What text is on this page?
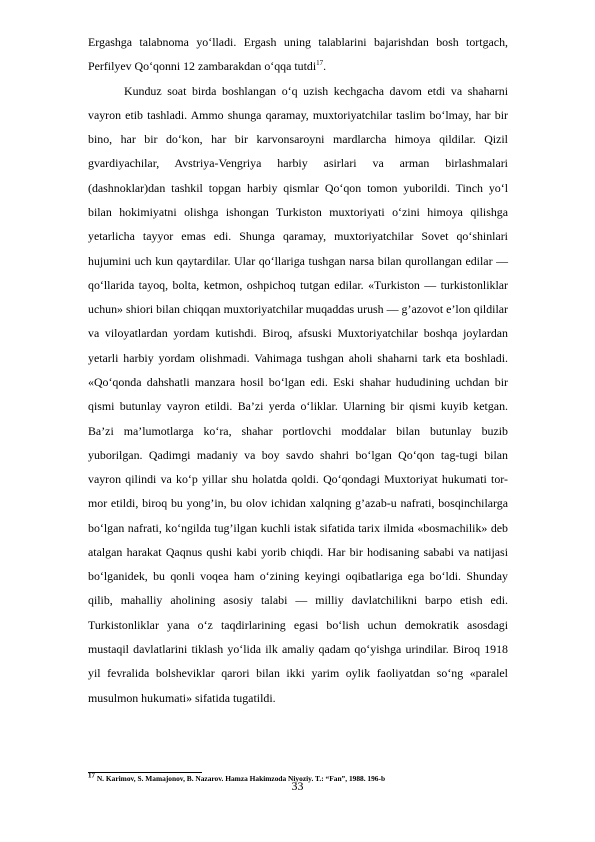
Ergashga talabnoma yo‘lladi. Ergash uning talablarini bajarishdan bosh tortgach, Perfilyev Qo‘qonni 12 zambarakdan o‘qqa tutdi$^{17}$.

Kunduz soat birda boshlangan o‘q uzish kechgacha davom etdi va shaharni vayron etib tashladi. Ammo shunga qaramay, muxtoriyatchilar taslim bo‘lmay, har bir bino, har bir do‘kon, har bir karvonsaroyni mardlarcha himoya qildilar. Qizil gvardiyachilar, Avstriya-Vengriya harbiy asirlari va arman birlashmalari (dashnoklar)dan tashkil topgan harbiy qismlar Qo‘qon tomon yuborildi. Tinch yo‘l bilan hokimiyatni olishga ishongan Turkiston muxtoriyati o‘zini himoya qilishga yetarlicha tayyor emas edi. Shunga qaramay, muxtoriyatchilar Sovet qo‘shinlari hujumini uch kun qaytardilar. Ular qo‘llariga tushgan narsa bilan qurollangan edilar — qo‘llarida tayoq, bolta, ketmon, oshpichoq tutgan edilar. «Turkiston — turkistonliklar uchun» shiori bilan chiqqan muxtoriyatchilar muqaddas urush — g’azovot e’lon qildilar va viloyatlardan yordam kutishdi. Biroq, afsuski Muxtoriyatchilar boshqa joylardan yetarli harbiy yordam olishmadi. Vahimaga tushgan aholi shaharni tark eta boshladi. «Qo‘qonda dahshatli manzara hosil bo‘lgan edi. Eski shahar hududining uchdan bir qismi butunlay vayron etildi. Ba’zi yerda o‘liklar. Ularning bir qismi kuyib ketgan. Ba’zi ma’lumotlarga ko‘ra, shahar portlovchi moddalar bilan butunlay buzib yuborilgan. Qadimgi madaniy va boy savdo shahri bo‘lgan Qo‘qon tag-tugi bilan vayron qilindi va ko‘p yillar shu holatda qoldi. Qo‘qondagi Muxtoriyat hukumati tor-mor etildi, biroq bu yong’in, bu olov ichidan xalqning g’azab-u nafrati, bosqinchilarga bo‘lgan nafrati, ko‘ngilda tug’ilgan kuchli istak sifatida tarix ilmida «bosmachilik» deb atalgan harakat Qaqnus qushi kabi yorib chiqdi. Har bir hodisaning sababi va natijasi bo‘lganidek, bu qonli voqea ham o‘zining keyingi oqibatlariga ega bo‘ldi. Shunday qilib, mahalliy aholining asosiy talabi — milliy davlatchilikni barpo etish edi. Turkistonliklar yana o‘z taqdirlarining egasi bo‘lish uchun demokratik asosdagi mustaqil davlatlarini tiklash yo‘lida ilk amaliy qadam qo‘yishga urindilar. Biroq 1918 yil fevralida bolsheviklar qarori bilan ikki yarim oylik faoliyatdan so‘ng «paralel musulmon hukumati» sifatida tugatildi.

$^{17}$ N. Karimov, S. Mamajonov, B. Nazarov. Hamza Hakimzoda Niyoziy. T.: “Fan”, 1988. 196-b
33
